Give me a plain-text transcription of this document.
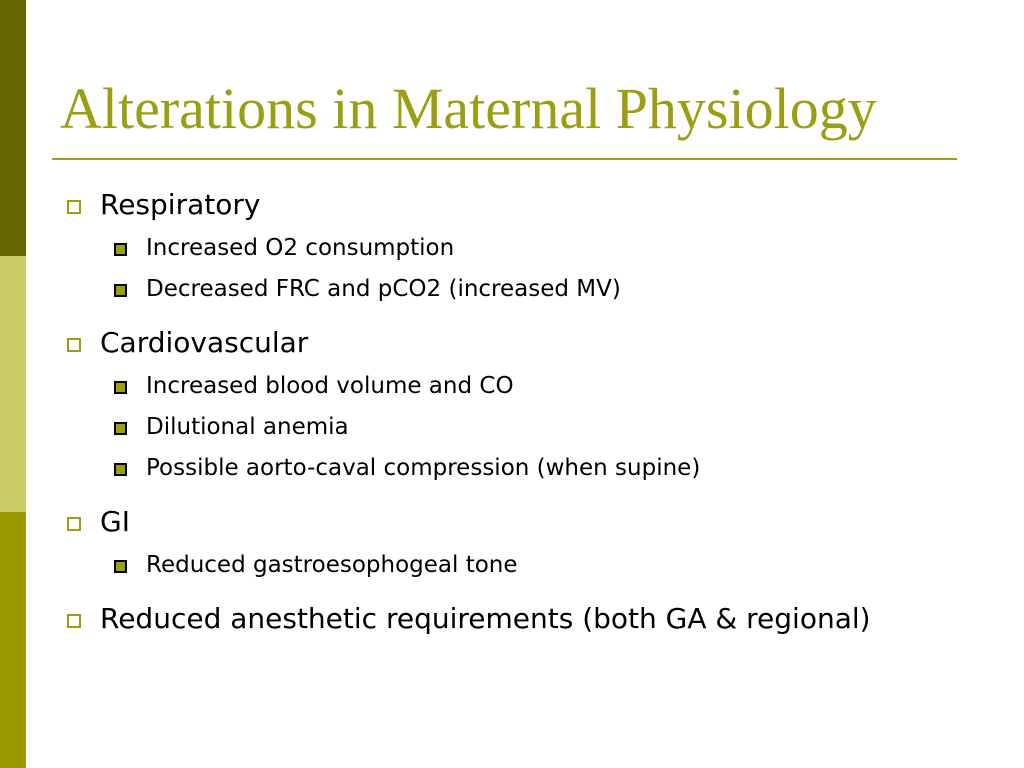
Alterations in Maternal Physiology
Respiratory
Increased O2 consumption
Decreased FRC and pCO2 (increased MV)
Cardiovascular
Increased blood volume and CO
Dilutional anemia
Possible aorto-caval compression (when supine)
GI
Reduced gastroesophogeal tone
Reduced anesthetic requirements (both GA & regional)
